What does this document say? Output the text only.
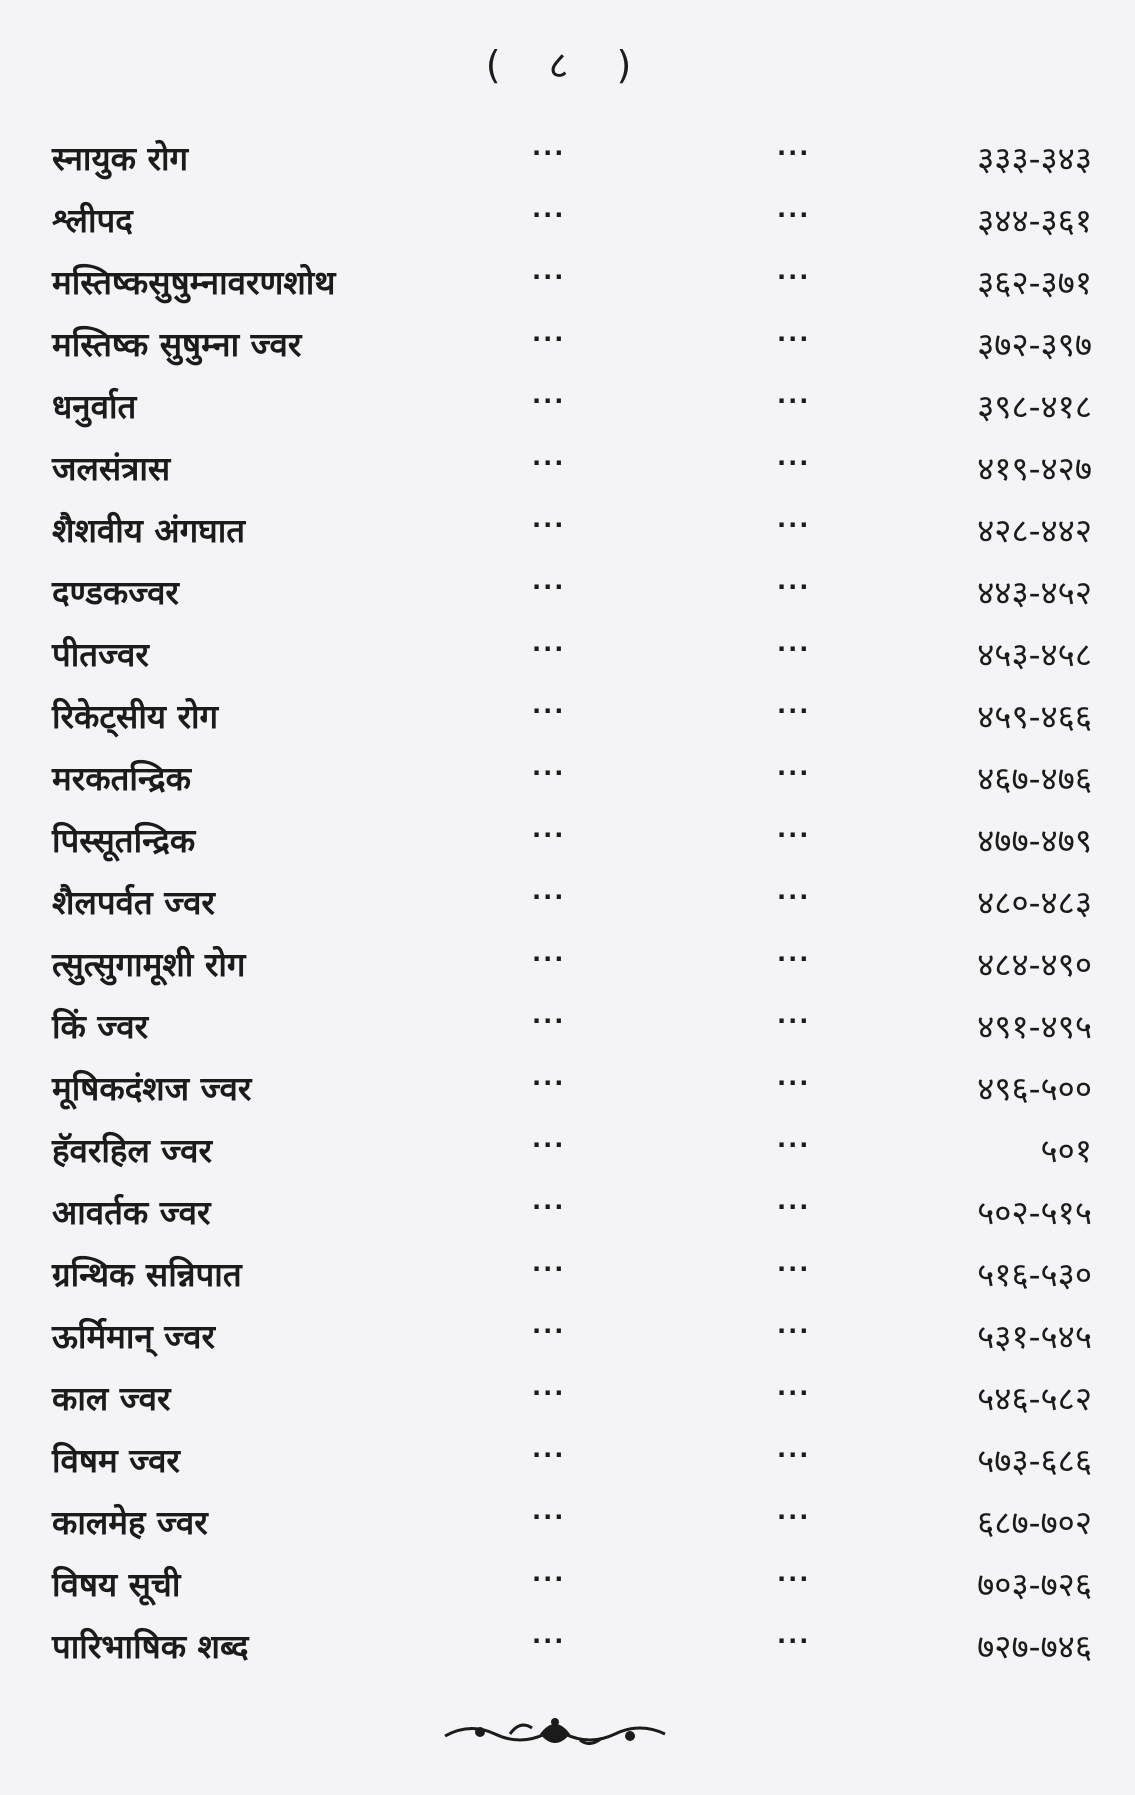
( ८ )
स्नायुक रोग	···	···	३३३-३४३
श्लीपद	···	···	३४४-३६१
मस्तिष्कसुषुम्नावरणशोथ	···	···	३६२-३७१
मस्तिष्क सुषुम्ना ज्वर	···	···	३७२-३९७
धनुर्वात	···	···	३९८-४१८
जलसंत्रास	···	···	४१९-४२७
शैशवीय अंगघात	···	···	४२८-४४२
दण्डकज्वर	···	···	४४३-४५२
पीतज्वर	···	···	४५३-४५८
रिकेट्सीय रोग	···	···	४५९-४६६
मरकतन्द्रिक	···	···	४६७-४७६
पिस्सूतन्द्रिक	···	···	४७७-४७९
शैलपर्वत ज्वर	···	···	४८०-४८३
त्सुत्सुगामूशी रोग	···	···	४८४-४९०
किं ज्वर	···	···	४९१-४९५
मूषिकदंशज ज्वर	···	···	४९६-५००
हॅवरहिल ज्वर	···	···	५०१
आवर्तक ज्वर	···	···	५०२-५१५
ग्रन्थिक सन्निपात	···	···	५१६-५३०
ऊर्मिमान् ज्वर	···	···	५३१-५४५
काल ज्वर	···	···	५४६-५८२
विषम ज्वर	···	···	५७३-६८६
कालमेह ज्वर	···	···	६८७-७०२
विषय सूची	···	···	७०३-७२६
पारिभाषिक शब्द	···	···	७२७-७४६
